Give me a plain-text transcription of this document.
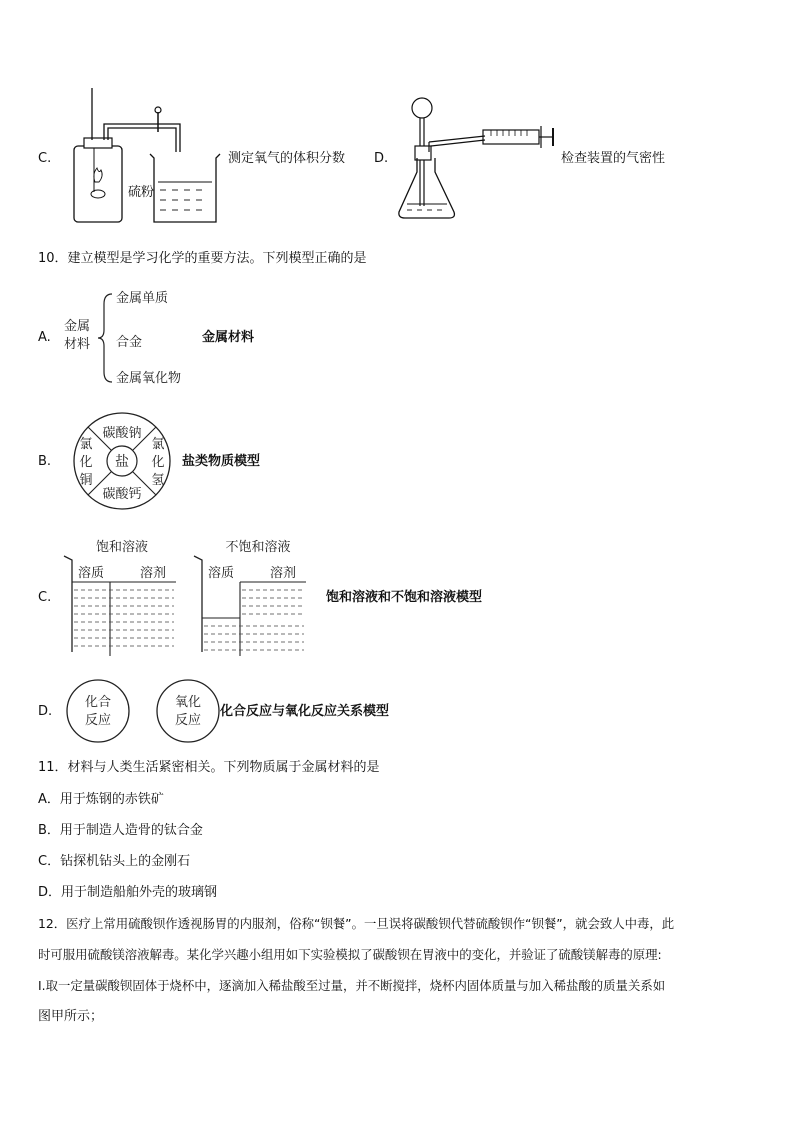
C.
硫粉
测定氧气的体积分数 D.	检查装置的气密性
10．建立模型是学习化学的重要方法。下列模型正确的是
A.
金属
材料
金属单质
合金
金属氧化物
金属材料
B.	盐
碳酸钠
碳酸钙
氯
化
铜
氯
化
氢
盐类物质模型
C.
饱和溶液
溶质	溶剂
不饱和溶液
溶质	溶剂
饱和溶液和不饱和溶液模型
D.
化合
反应
氧化
反应
化合反应与氧化反应关系模型
11．材料与人类生活紧密相关。下列物质属于金属材料的是
A．用于炼钢的赤铁矿
B．用于制造人造骨的钛合金
C．钻探机钻头上的金刚石
D．用于制造船舶外壳的玻璃钢
12．医疗上常用硫酸钡作透视肠胃的内服剂，俗称“钡餐”。一旦误将碳酸钡代替硫酸钡作“钡餐”，就会致人中毒，此
时可服用硫酸镁溶液解毒。某化学兴趣小组用如下实验模拟了碳酸钡在胃液中的变化，并验证了硫酸镁解毒的原理:
I.取一定量碳酸钡固体于烧杯中，逐滴加入稀盐酸至过量，并不断搅拌，烧杯内固体质量与加入稀盐酸的质量关系如
图甲所示；
